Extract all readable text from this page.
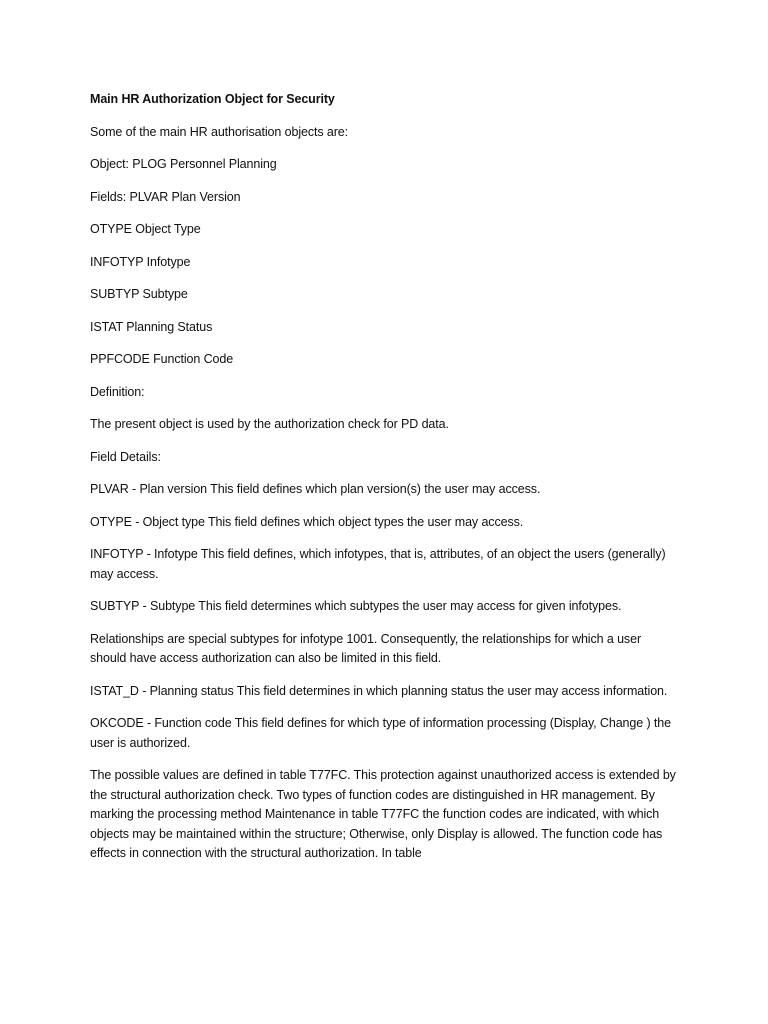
Main HR Authorization Object for Security

Some of the main HR authorisation objects are:

Object: PLOG Personnel Planning

Fields: PLVAR Plan Version

OTYPE Object Type

INFOTYP Infotype

SUBTYP Subtype

ISTAT Planning Status

PPFCODE Function Code

Definition:

The present object is used by the authorization check for PD data.

Field Details:

PLVAR - Plan version This field defines which plan version(s) the user may access.

OTYPE - Object type This field defines which object types the user may access.

INFOTYP - Infotype This field defines, which infotypes, that is, attributes, of an object the users (generally) may access.

SUBTYP - Subtype This field determines which subtypes the user may access for given infotypes.

Relationships are special subtypes for infotype 1001. Consequently, the relationships for which a user should have access authorization can also be limited in this field.

ISTAT_D - Planning status This field determines in which planning status the user may access information.

OKCODE - Function code This field defines for which type of information processing (Display, Change ) the user is authorized.

The possible values are defined in table T77FC. This protection against unauthorized access is extended by the structural authorization check. Two types of function codes are distinguished in HR management. By marking the processing method Maintenance in table T77FC the function codes are indicated, with which objects may be maintained within the structure; Otherwise, only Display is allowed. The function code has effects in connection with the structural authorization. In table
